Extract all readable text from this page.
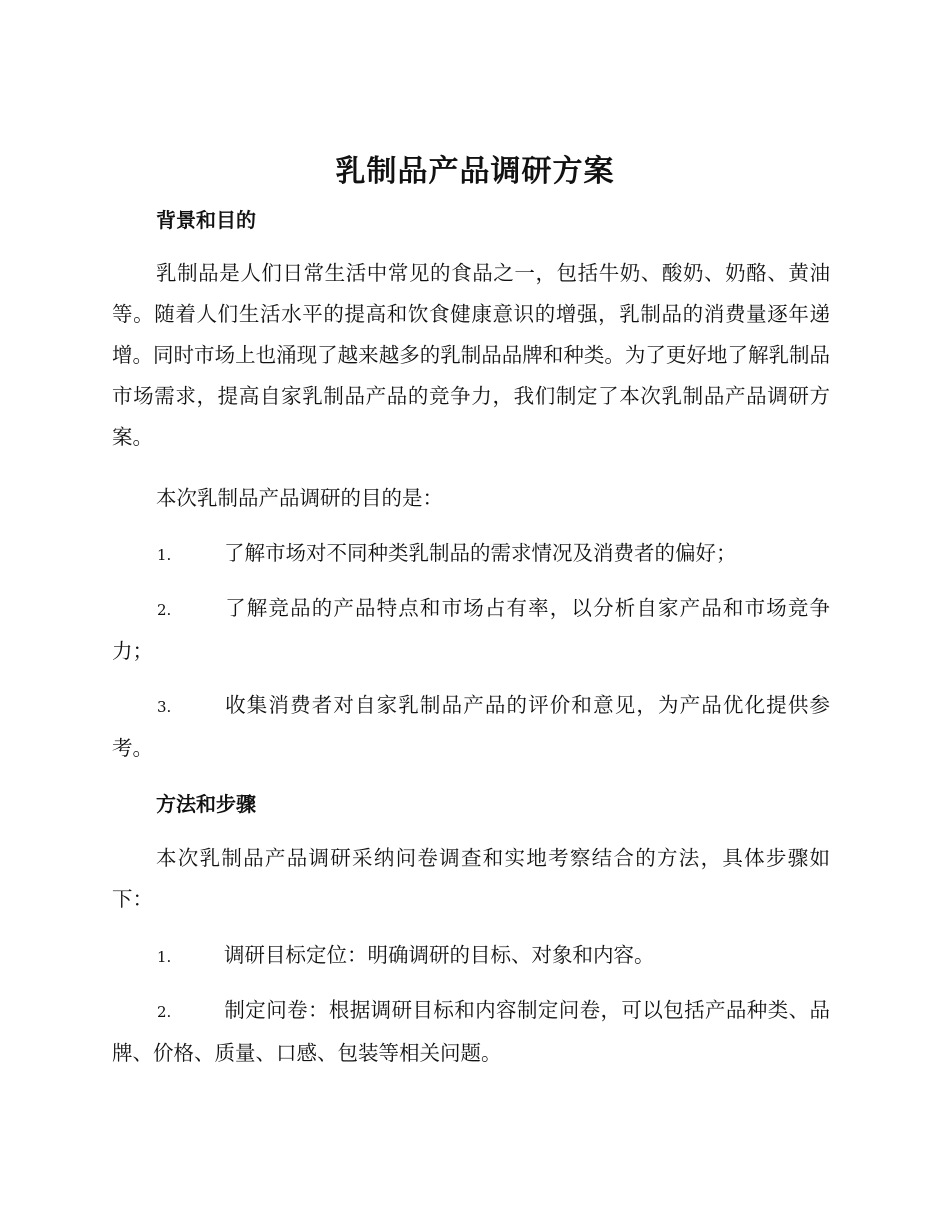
乳制品产品调研方案
背景和目的

乳制品是人们日常生活中常见的食品之一，包括牛奶、酸奶、奶酪、黄油等。随着人们生活水平的提高和饮食健康意识的增强，乳制品的消费量逐年递增。同时市场上也涌现了越来越多的乳制品品牌和种类。为了更好地了解乳制品市场需求，提高自家乳制品产品的竞争力，我们制定了本次乳制品产品调研方案。

本次乳制品产品调研的目的是：

1.	了解市场对不同种类乳制品的需求情况及消费者的偏好；

2.	了解竞品的产品特点和市场占有率，以分析自家产品和市场竞争力；

3.	收集消费者对自家乳制品产品的评价和意见，为产品优化提供参考。

方法和步骤

本次乳制品产品调研采纳问卷调查和实地考察结合的方法，具体步骤如下：

1.	调研目标定位：明确调研的目标、对象和内容。

2.	制定问卷：根据调研目标和内容制定问卷，可以包括产品种类、品牌、价格、质量、口感、包装等相关问题。
